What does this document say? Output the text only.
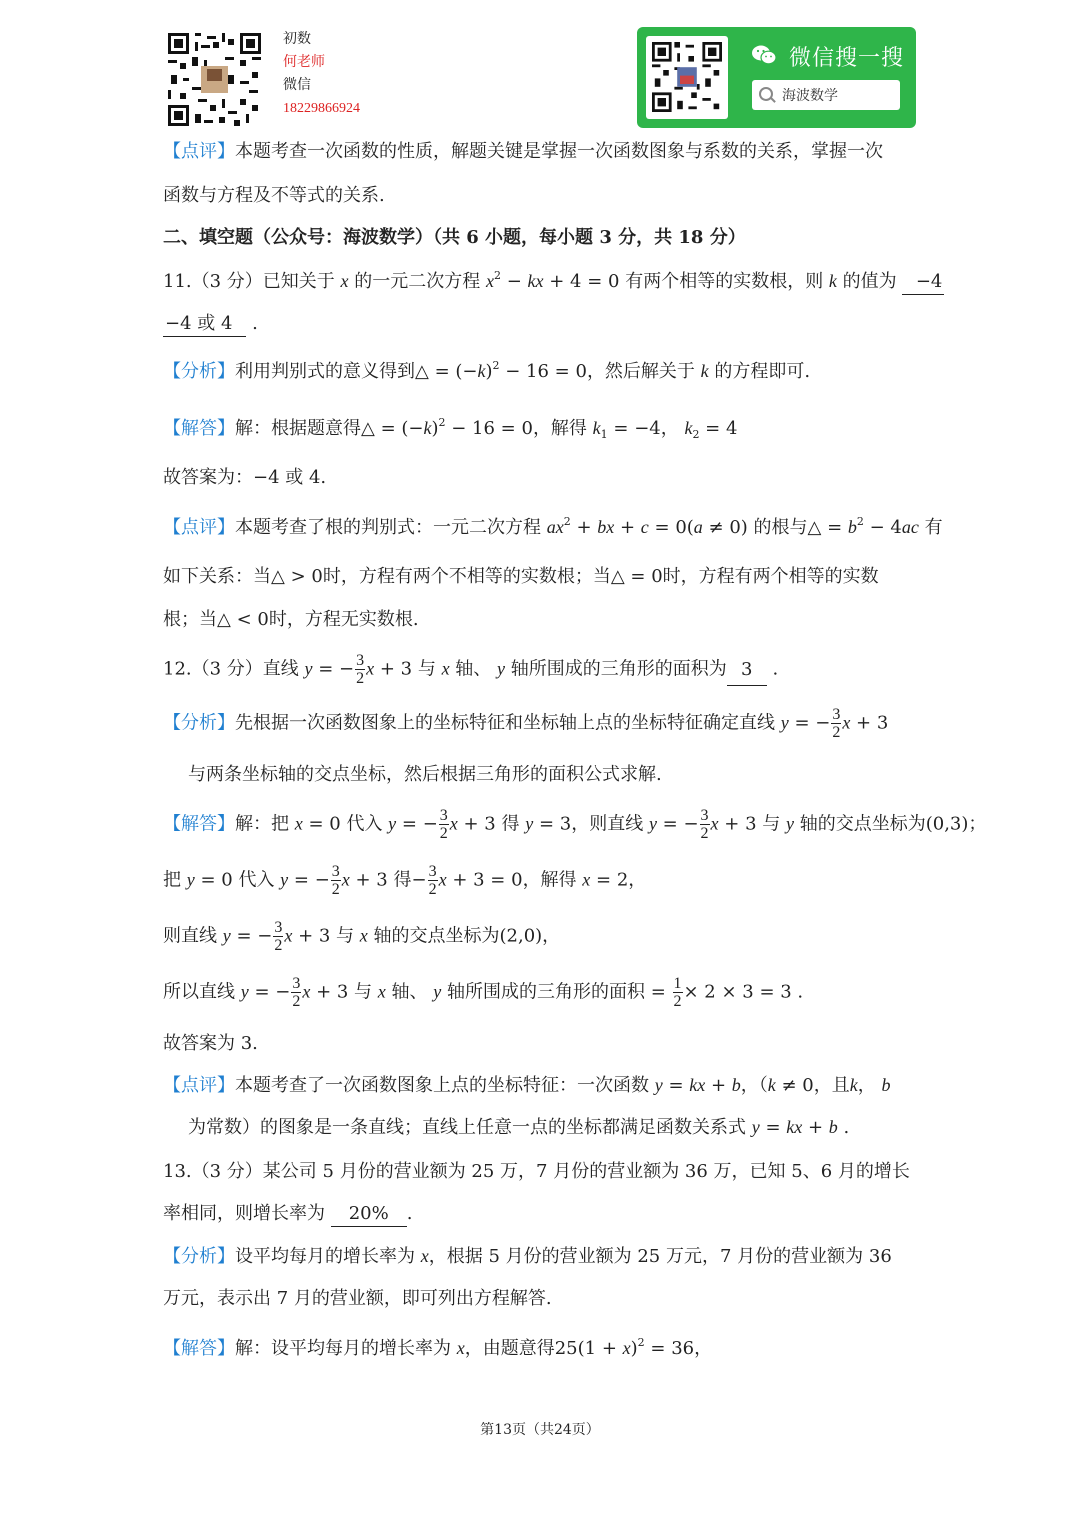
初数
何老师
微信
18229866924
微信搜一搜
海波数学
【点评】本题考查一次函数的性质，解题关键是掌握一次函数图象与系数的关系，掌握一次
函数与方程及不等式的关系.
二、填空题（公众号：海波数学）（共 6 小题，每小题 3 分，共 18 分）
11.（3 分）已知关于 x 的一元二次方程 $x^2$ − kx + 4 = 0 有两个相等的实数根，则 k 的值为   −4
−4 或 4 .
【分析】利用判别式的意义得到△ = $(-k)^2 - 16 = 0$，然后解关于 k 的方程即可.
【解答】解：根据题意得△ = $(-k)^2 - 16 = 0$，解得 $k_1 = -4$， $k_2 = 4$
故答案为：−4 或 4.
【点评】本题考查了根的判别式：一元二次方程 $ax^2$ + bx + c = 0(a ≠ 0) 的根与△ = $b^2 - 4ac$ 有
如下关系：当△ > 0时，方程有两个不相等的实数根；当△ = 0时，方程有两个相等的实数
根；当△ < 0时，方程无实数根.
12.（3 分）直线 y = − $\frac{3}{2}$ x + 3 与 x 轴、 y 轴所围成的三角形的面积为 3 .
【分析】先根据一次函数图象上的坐标特征和坐标轴上点的坐标特征确定直线 y = − $\frac{3}{2}$ x + 3
与两条坐标轴的交点坐标，然后根据三角形的面积公式求解.
【解答】解：把 x = 0 代入 y = − $\frac{3}{2}$ x + 3 得 y = 3，则直线 y = − $\frac{3}{2}$ x + 3 与 y 轴的交点坐标为(0,3)；
把 y = 0 代入 y = − $\frac{3}{2}$ x + 3 得− $\frac{3}{2}$ x + 3 = 0，解得 x = 2，
则直线 y = − $\frac{3}{2}$ x + 3 与 x 轴的交点坐标为(2,0)，
所以直线 y = − $\frac{3}{2}$ x + 3 与 x 轴、 y 轴所围成的三角形的面积 = $\frac{1}{2} \times 2 \times 3 = 3$ .
故答案为 3.
【点评】本题考查了一次函数图象上点的坐标特征：一次函数 y = kx + b，（k ≠ 0，且k， b
为常数）的图象是一条直线；直线上任意一点的坐标都满足函数关系式 y = kx + b .
13.（3 分）某公司 5 月份的营业额为 25 万，7 月份的营业额为 36 万，已知 5、6 月的增长
率相同，则增长率为 20% .
【分析】设平均每月的增长率为 x，根据 5 月份的营业额为 25 万元，7 月份的营业额为 36
万元，表示出 7 月的营业额，即可列出方程解答.
【解答】解：设平均每月的增长率为 x，由题意得$25(1 + x)^2 = 36$，
第13页（共24页）
